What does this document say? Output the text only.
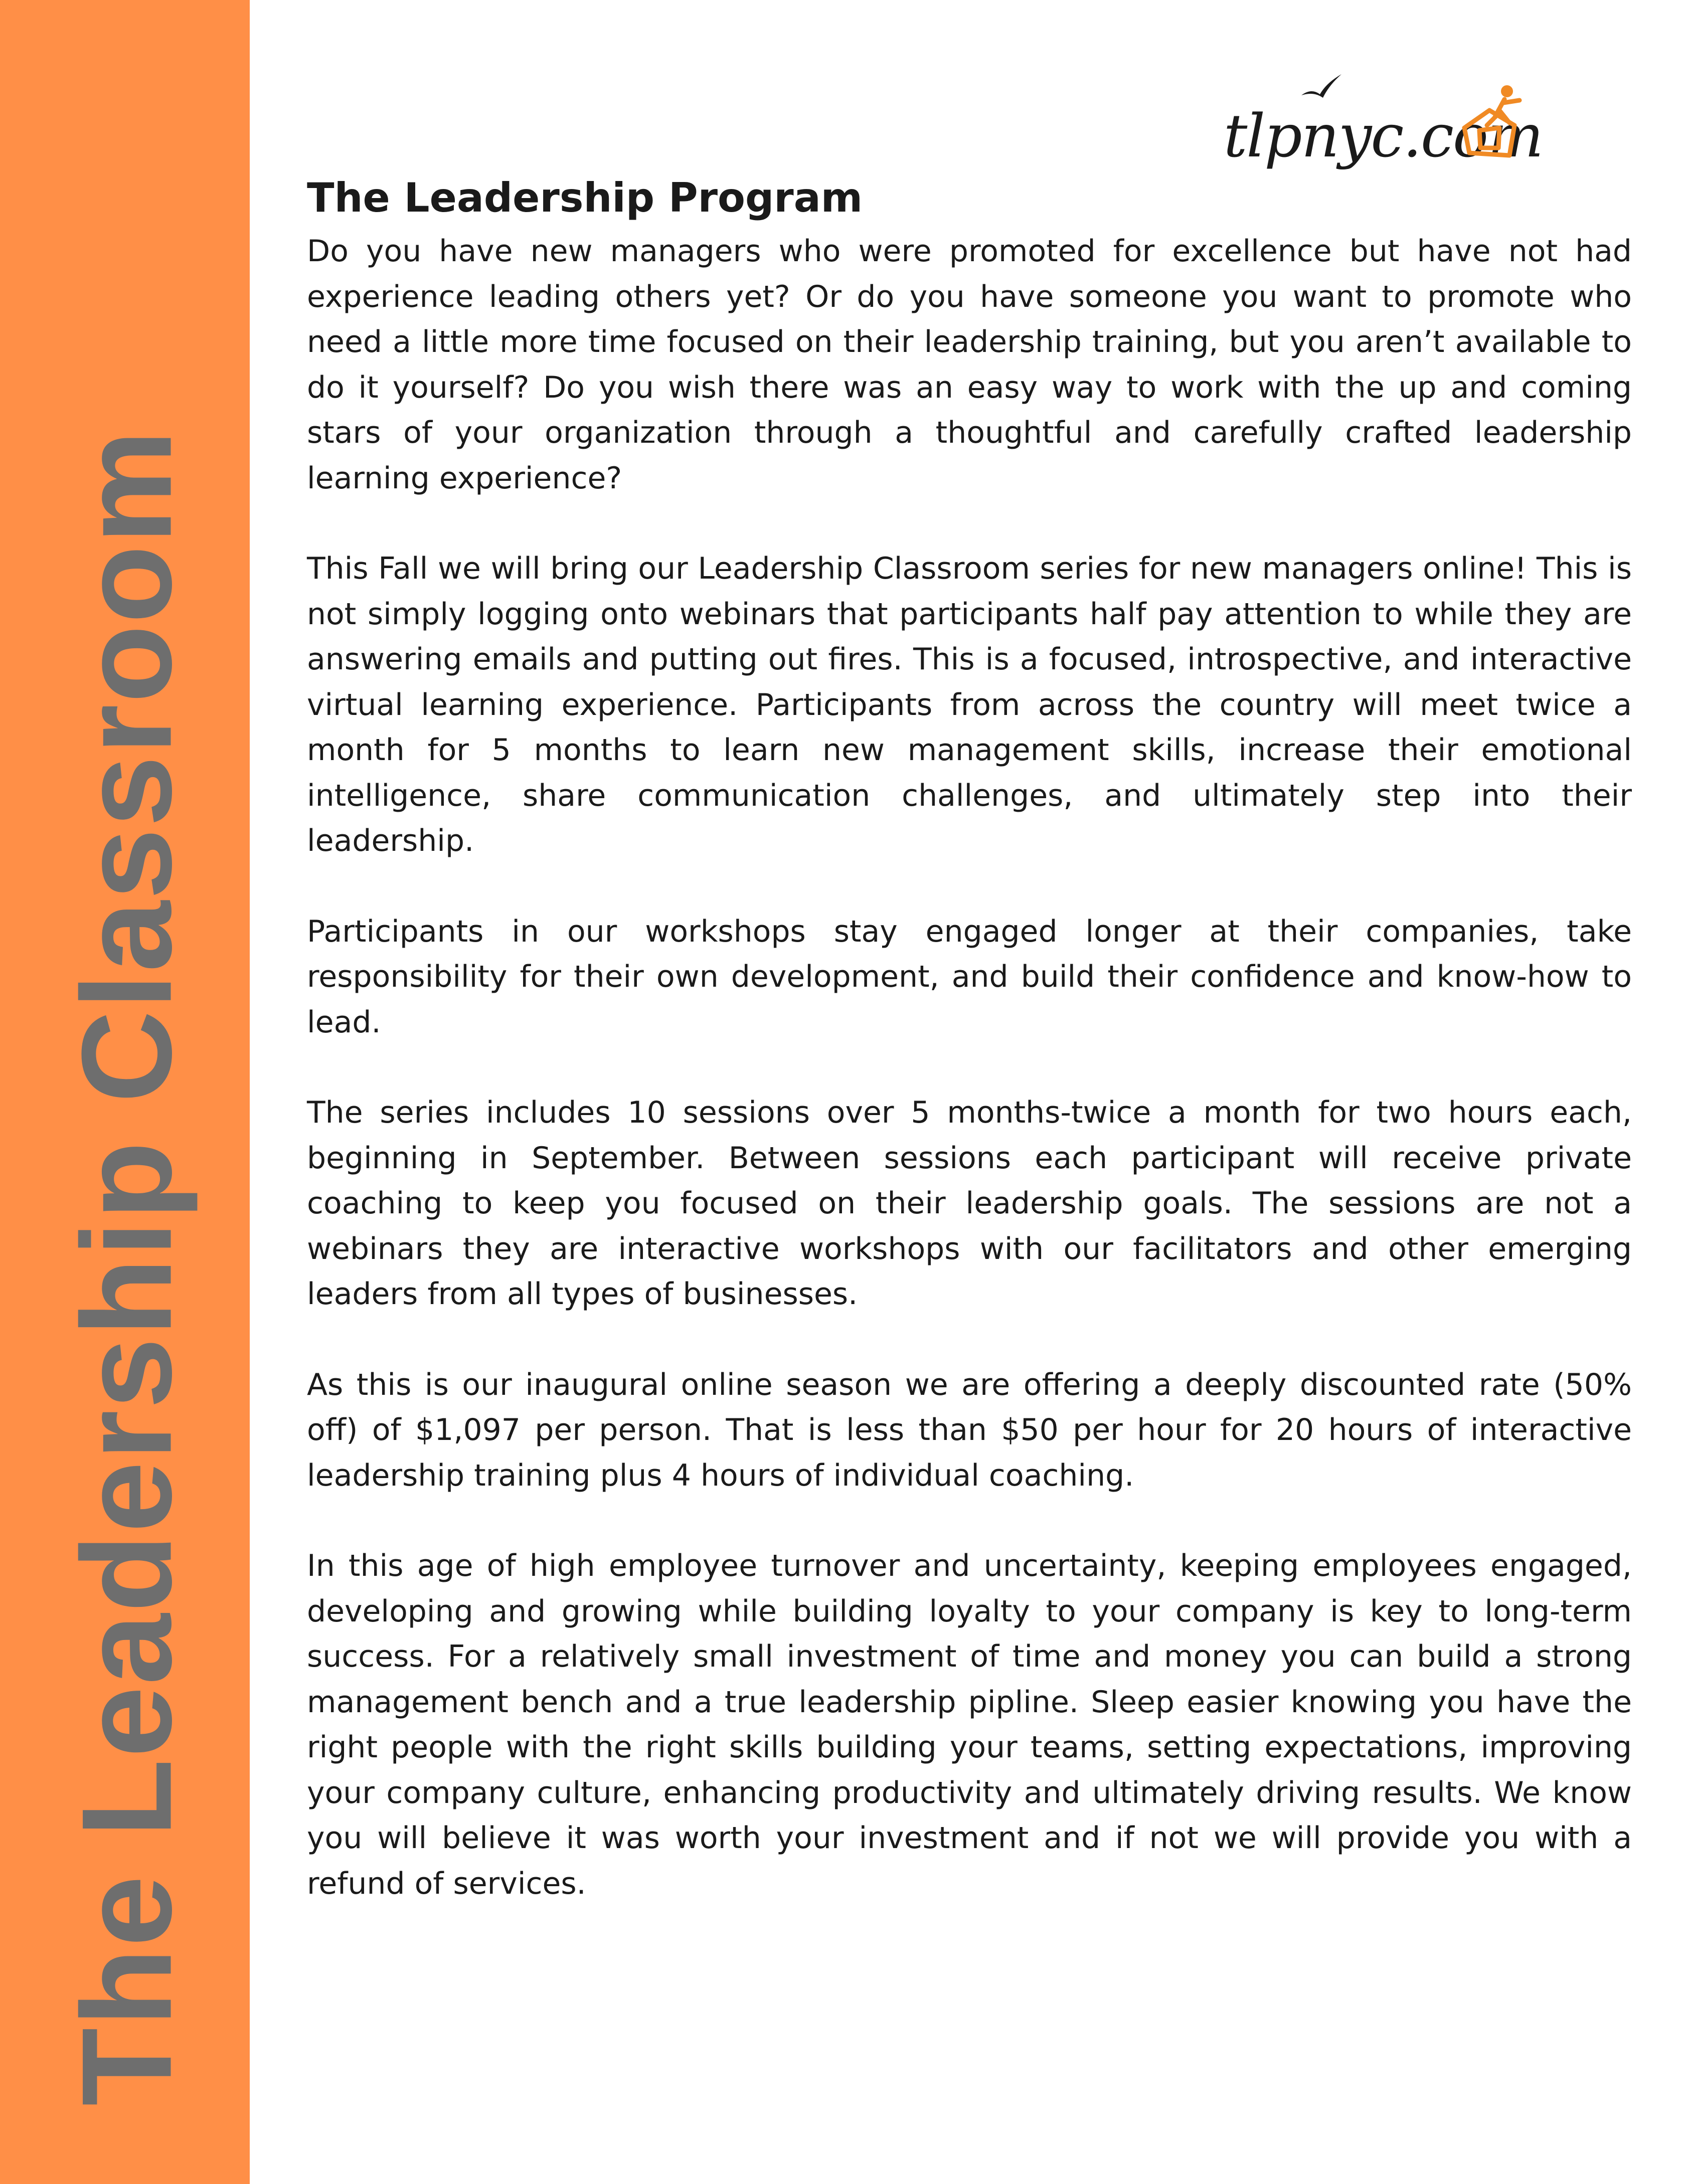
The Leadership Classroom
tlpnyc.com
The Leadership Program

Do you have new managers who were promoted for excellence but have not had experience leading others yet? Or do you have someone you want to promote who need a little more time focused on their leadership training, but you aren’t available to do it yourself? Do you wish there was an easy way to work with the up and coming stars of your organization through a thoughtful and carefully crafted leadership learning experience?

This Fall we will bring our Leadership Classroom series for new managers online! This is not simply logging onto webinars that participants half pay attention to while they are answering emails and putting out fires. This is a focused, introspective, and interactive virtual learning experience. Participants from across the country will meet twice a month for 5 months to learn new management skills, increase their emotional intelligence, share communication challenges, and ultimately step into their leadership.

Participants in our workshops stay engaged longer at their companies, take responsibility for their own development, and build their confidence and know-how to lead.

The series includes 10 sessions over 5 months-twice a month for two hours each, beginning in September. Between sessions each participant will receive private coaching to keep you focused on their leadership goals. The sessions are not a webinars they are interactive workshops with our facilitators and other emerging leaders from all types of businesses.

As this is our inaugural online season we are offering a deeply discounted rate (50% off) of $1,097 per person. That is less than $50 per hour for 20 hours of interactive leadership training plus 4 hours of individual coaching.

In this age of high employee turnover and uncertainty, keeping employees engaged, developing and growing while building loyalty to your company is key to long-term success. For a relatively small investment of time and money you can build a strong management bench and a true leadership pipline. Sleep easier knowing you have the right people with the right skills building your teams, setting expectations, improving your company culture, enhancing productivity and ultimately driving results. We know you will believe it was worth your investment and if not we will provide you with a refund of services.
